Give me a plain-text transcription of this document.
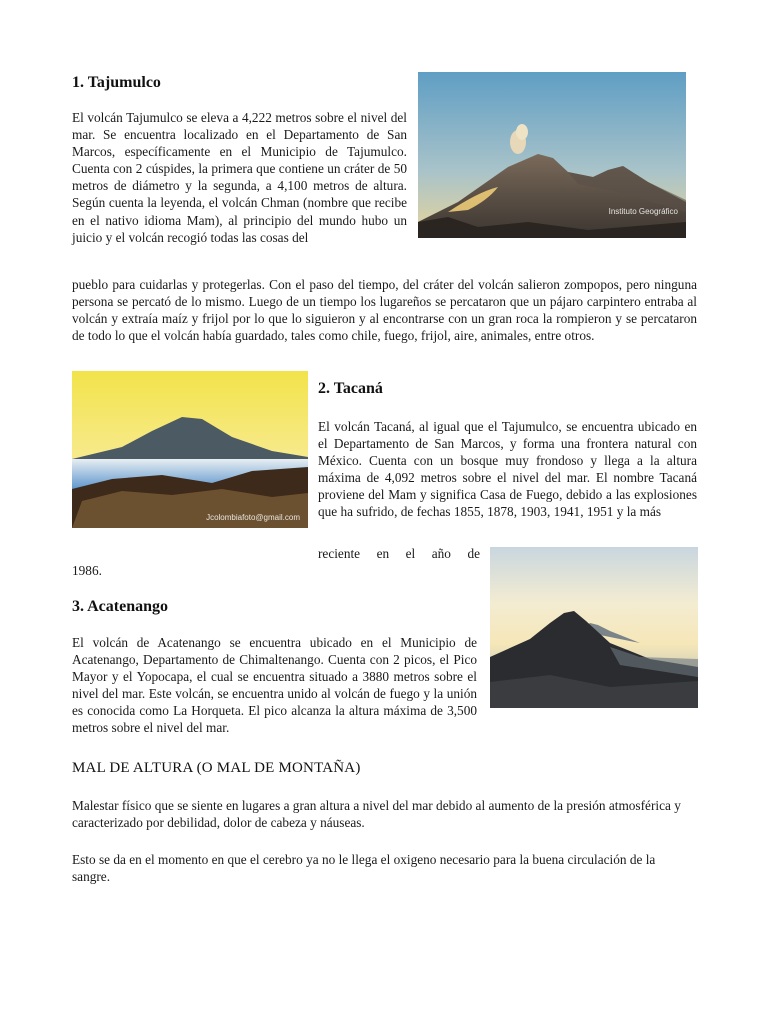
1. Tajumulco
Instituto Geográfico

El volcán Tajumulco se eleva a 4,222 metros sobre el nivel del mar. Se encuentra localizado en el Departamento de San Marcos, específicamente en el Municipio de Tajumulco. Cuenta con 2 cúspides, la primera que contiene un cráter de 50 metros de diámetro y la segunda, a 4,100 metros de altura. Según cuenta la leyenda, el volcán Chman (nombre que recibe en el nativo idioma Mam), al principio del mundo hubo un juicio y el volcán recogió todas las cosas del

pueblo para cuidarlas y protegerlas. Con el paso del tiempo, del cráter del volcán salieron zompopos, pero ninguna persona se percató de lo mismo. Luego de un tiempo los lugareños se percataron que un pájaro carpintero entraba al volcán y extraía maíz y frijol por lo que lo siguieron y al encontrarse con un gran roca la rompieron y se percataron de todo lo que el volcán había guardado, tales como chile, fuego, frijol, aire, animales, entre otros.

Jcolombiafoto@gmail.com
2. Tacaná

El volcán Tacaná, al igual que el Tajumulco, se encuentra ubicado en el Departamento de San Marcos, y forma una frontera natural con México. Cuenta con un bosque muy frondoso y llega a la altura máxima de 4,092 metros sobre el nivel del mar. El nombre Tacaná proviene del Mam y significa Casa de Fuego, debido a las explosiones que ha sufrido, de fechas 1855, 1878, 1903, 1941, 1951 y la más

reciente en el año de

1986.

3. Acatenango

El volcán de Acatenango se encuentra ubicado en el Municipio de Acatenango, Departamento de Chimaltenango. Cuenta con 2 picos, el Pico Mayor y el Yopocapa, el cual se encuentra situado a 3880 metros sobre el nivel del mar. Este volcán, se encuentra unido al volcán de fuego y la unión es conocida como La Horqueta. El pico alcanza la altura máxima de 3,500 metros sobre el nivel del mar.

MAL DE ALTURA (O MAL DE MONTAÑA)

Malestar físico que se siente en lugares a gran altura a nivel del mar debido al aumento de la presión atmosférica y caracterizado por debilidad, dolor de cabeza y náuseas.

Esto se da en el momento en que el cerebro ya no le llega el oxigeno necesario para la buena circulación de la sangre.
